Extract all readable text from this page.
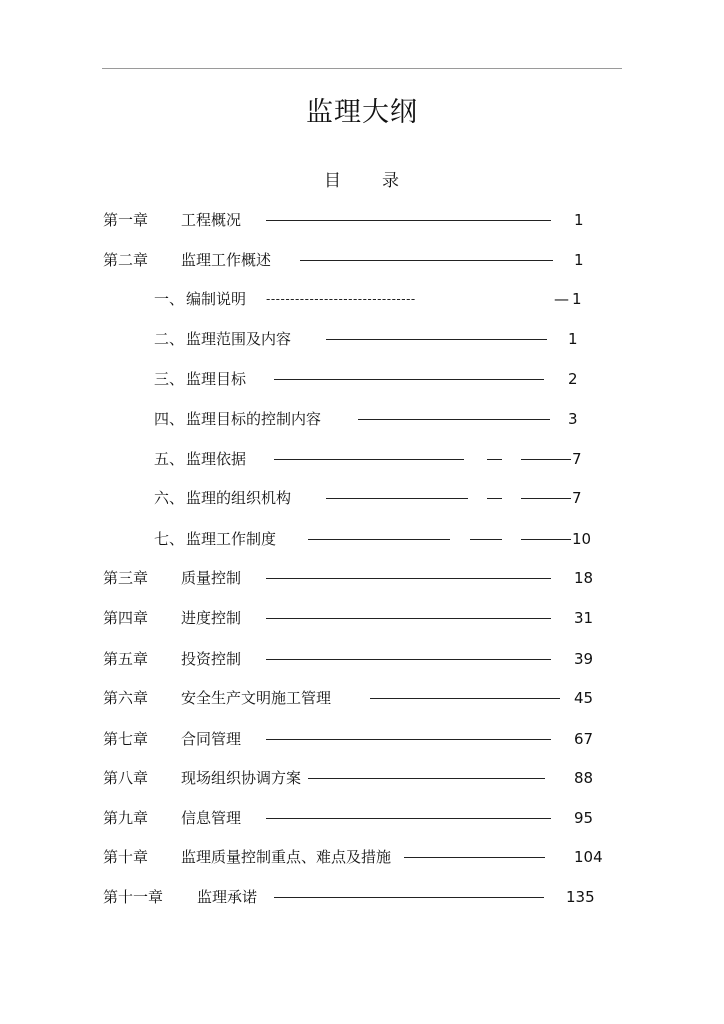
监理大纲
目 录
第一章 工程概况	1
第二章 监理工作概述	1
一、 编制说明 -------------------------------	— 1
二、 监理范围及内容	1
三、 监理目标	2
四、 监理目标的控制内容	3
五、 监理依据	7
六、 监理的组织机构	7
七、 监理工作制度	10
第三章 质量控制	18
第四章 进度控制	31
第五章 投资控制	39
第六章 安全生产文明施工管理	45
第七章 合同管理	67
第八章 现场组织协调方案	88
第九章 信息管理	95
第十章 监理质量控制重点、难点及措施	104
第十一章 监理承诺	135
